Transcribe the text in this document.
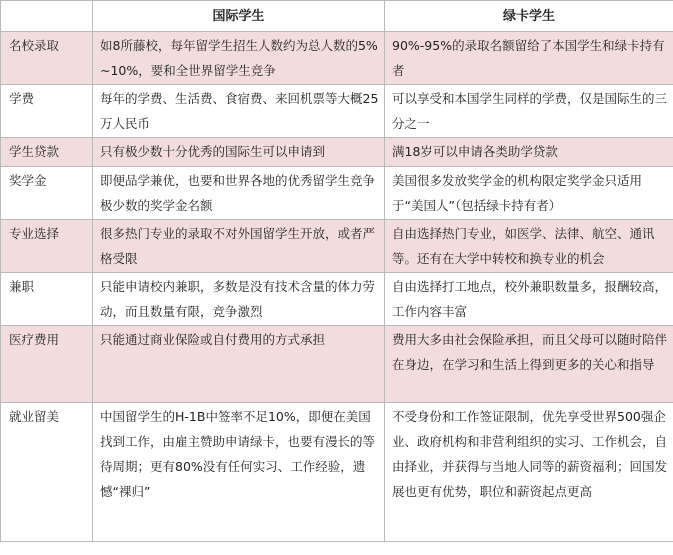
	国际学生	绿卡学生
名校录取	如8所藤校，每年留学生招生人数约为总人数的5%~10%，要和全世界留学生竞争	90%-95%的录取名额留给了本国学生和绿卡持有者
学费	每年的学费、生活费、食宿费、来回机票等大概25万人民币	可以享受和本国学生同样的学费，仅是国际生的三分之一
学生贷款	只有极少数十分优秀的国际生可以申请到	满18岁可以申请各类助学贷款
奖学金	即便品学兼优，也要和世界各地的优秀留学生竞争极少数的奖学金名额	美国很多发放奖学金的机构限定奖学金只适用于“美国人”（包括绿卡持有者）
专业选择	很多热门专业的录取不对外国留学生开放，或者严格受限	自由选择热门专业，如医学、法律、航空、通讯等。还有在大学中转校和换专业的机会
兼职	只能申请校内兼职，多数是没有技术含量的体力劳动，而且数量有限，竞争激烈	自由选择打工地点，校外兼职数量多，报酬较高，工作内容丰富
医疗费用	只能通过商业保险或自付费用的方式承担	费用大多由社会保险承担，而且父母可以随时陪伴在身边，在学习和生活上得到更多的关心和指导
就业留美	中国留学生的H-1B中签率不足10%，即便在美国找到工作，由雇主赞助申请绿卡，也要有漫长的等待周期；更有80%没有任何实习、工作经验，遗憾“裸归”	不受身份和工作签证限制，优先享受世界500强企业、政府机构和非营利组织的实习、工作机会，自由择业，并获得与当地人同等的薪资福利；回国发展也更有优势，职位和薪资起点更高
